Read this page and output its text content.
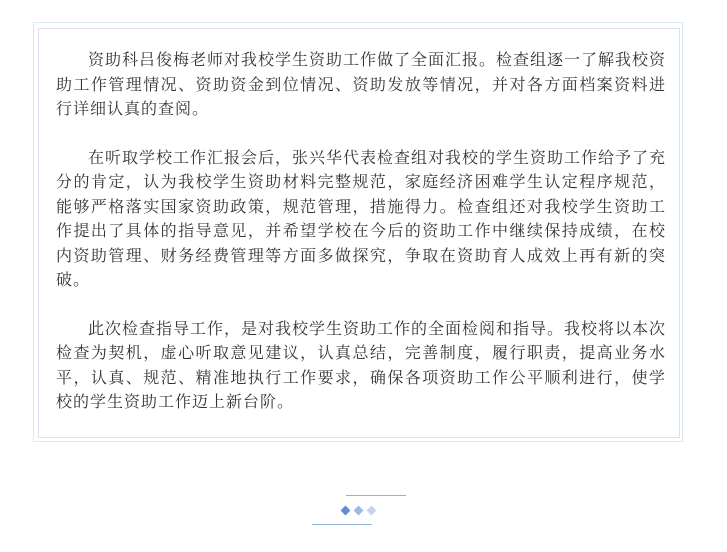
资助科吕俊梅老师对我校学生资助工作做了全面汇报。检查组逐一了解我校资助工作管理情况、资助资金到位情况、资助发放等情况，并对各方面档案资料进行详细认真的查阅。

在听取学校工作汇报会后，张兴华代表检查组对我校的学生资助工作给予了充分的肯定，认为我校学生资助材料完整规范，家庭经济困难学生认定程序规范，能够严格落实国家资助政策，规范管理，措施得力。检查组还对我校学生资助工作提出了具体的指导意见，并希望学校在今后的资助工作中继续保持成绩，在校内资助管理、财务经费管理等方面多做探究，争取在资助育人成效上再有新的突破。

此次检查指导工作，是对我校学生资助工作的全面检阅和指导。我校将以本次检查为契机，虚心听取意见建议，认真总结，完善制度，履行职责，提高业务水平，认真、规范、精准地执行工作要求，确保各项资助工作公平顺利进行，使学校的学生资助工作迈上新台阶。
